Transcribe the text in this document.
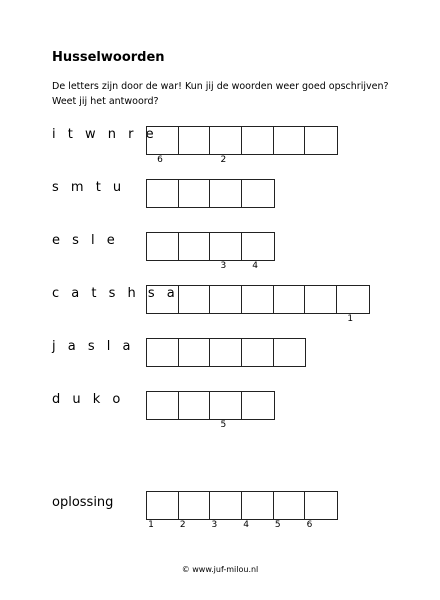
Husselwoorden
De letters zijn door de war! Kun jij de woorden weer goed opschrijven?
Weet jij het antwoord?
i t w n r e
6	2
s m t u
e s l e
3	4
c a t s h s a
1
j a s l a
d u k o
5
oplossing
1	2	3	4	5	6
© www.juf-milou.nl
